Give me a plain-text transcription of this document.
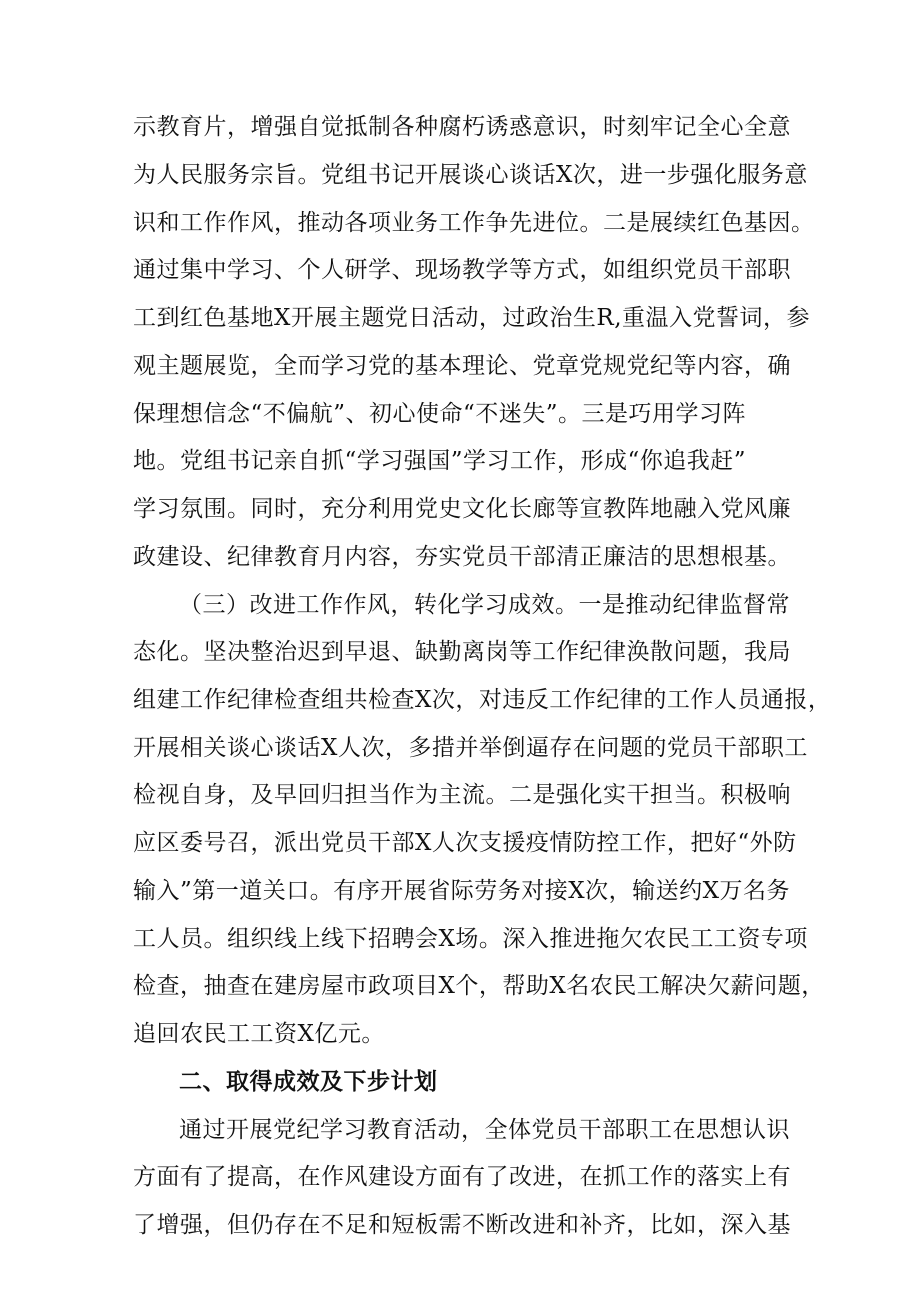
示教育片，增强自觉抵制各种腐朽诱惑意识，时刻牢记全心全意
为人民服务宗旨。党组书记开展谈心谈话X次，进一步强化服务意
识和工作作风，推动各项业务工作争先进位。二是展续红色基因。
通过集中学习、个人研学、现场教学等方式，如组织党员干部职
工到红色基地X开展主题党日活动，过政治生R,重温入党誓词，参
观主题展览，全而学习党的基本理论、党章党规党纪等内容，确
保理想信念“不偏航”、初心使命“不迷失”。三是巧用学习阵
地。党组书记亲自抓“学习强国”学习工作，形成“你追我赶”
学习氛围。同时，充分利用党史文化长廊等宣教阵地融入党风廉
政建设、纪律教育月内容，夯实党员干部清正廉洁的思想根基。
（三）改进工作作风，转化学习成效。一是推动纪律监督常
态化。坚决整治迟到早退、缺勤离岗等工作纪律涣散问题，我局
组建工作纪律检查组共检查X次，对违反工作纪律的工作人员通报，
开展相关谈心谈话X人次，多措并举倒逼存在问题的党员干部职工
检视自身，及早回归担当作为主流。二是强化实干担当。积极响
应区委号召，派出党员干部X人次支援疫情防控工作，把好“外防
输入”第一道关口。有序开展省际劳务对接X次，输送约X万名务
工人员。组织线上线下招聘会X场。深入推进拖欠农民工工资专项
检查，抽查在建房屋市政项目X个，帮助X名农民工解决欠薪问题，
追回农民工工资X亿元。
二、取得成效及下步计划
通过开展党纪学习教育活动，全体党员干部职工在思想认识
方面有了提高，在作风建设方面有了改进，在抓工作的落实上有
了增强，但仍存在不足和短板需不断改进和补齐，比如，深入基
